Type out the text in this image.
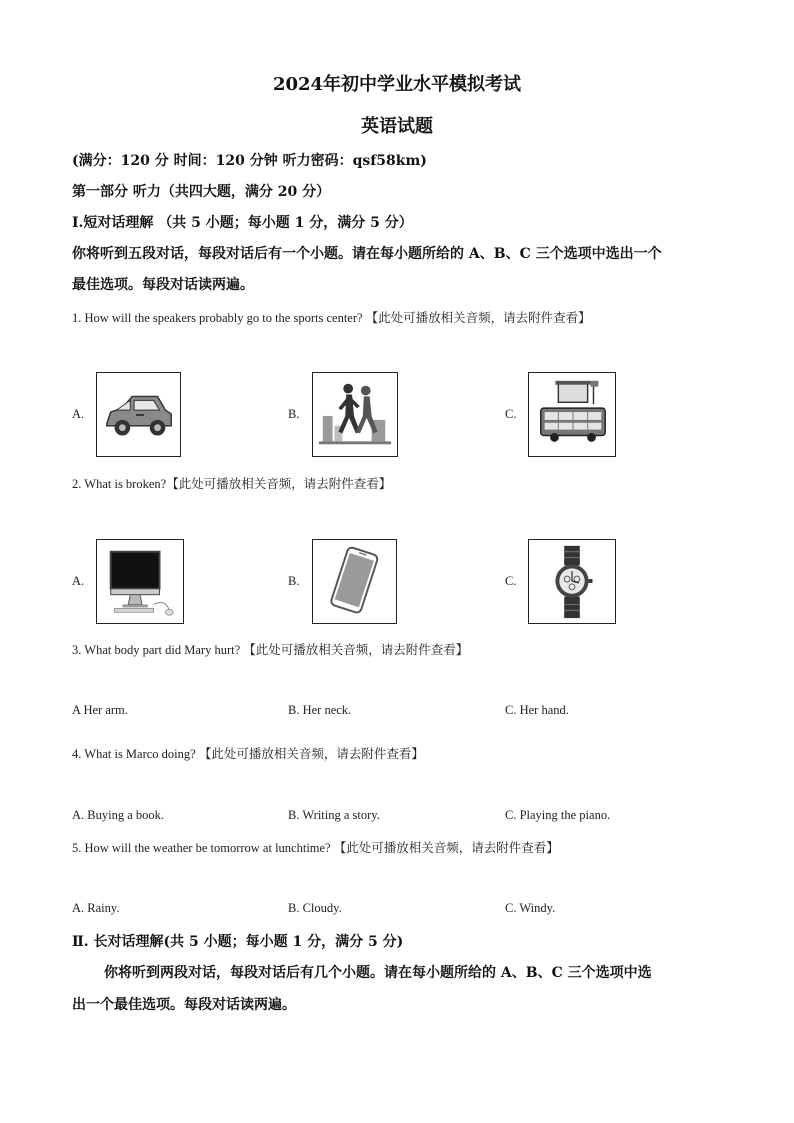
2024年初中学业水平模拟考试
英语试题
(满分：120 分 时间：120 分钟 听力密码：qsf58km)
第一部分 听力（共四大题，满分 20 分）
Ⅰ.短对话理解 （共 5 小题；每小题 1 分，满分 5 分）
你将听到五段对话，每段对话后有一个小题。请在每小题所给的 A、B、C 三个选项中选出一个
最佳选项。每段对话读两遍。
1. How will the speakers probably go to the sports center? 【此处可播放相关音频，请去附件查看】
A.	B.	C.
2. What is broken?【此处可播放相关音频，请去附件查看】
A.	B.	C.
3. What body part did Mary hurt? 【此处可播放相关音频，请去附件查看】
A Her arm.	B. Her neck.	C. Her hand.
4. What is Marco doing? 【此处可播放相关音频，请去附件查看】
A. Buying a book.	B. Writing a story.	C. Playing the piano.
5. How will the weather be tomorrow at lunchtime? 【此处可播放相关音频，请去附件查看】
A. Rainy.	B. Cloudy.	C. Windy.
Ⅱ. 长对话理解(共 5 小题；每小题 1 分，满分 5 分)
你将听到两段对话，每段对话后有几个小题。请在每小题所给的 A、B、C 三个选项中选
出一个最佳选项。每段对话读两遍。
